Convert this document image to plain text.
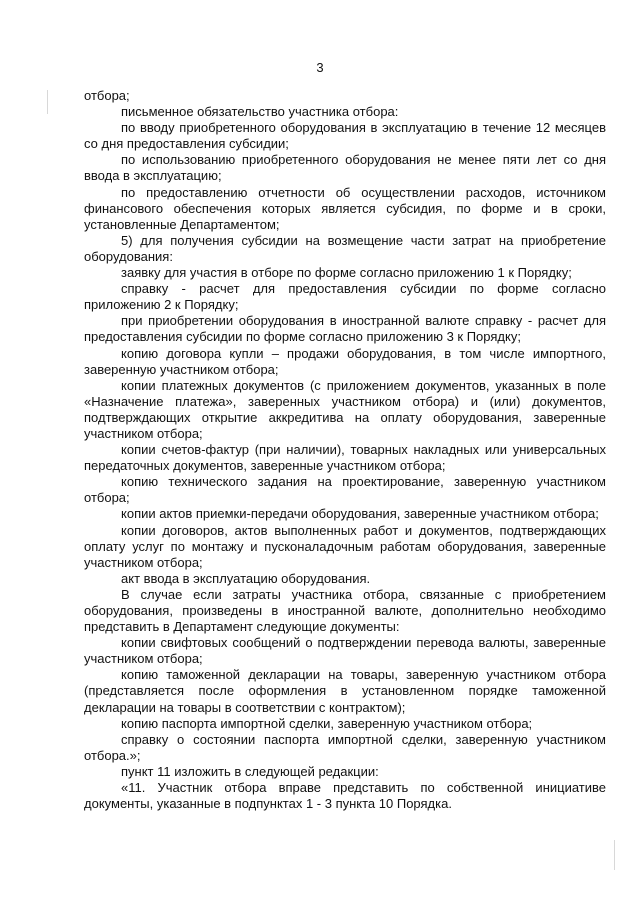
3

отбора;

письменное обязательство участника отбора:

по вводу приобретенного оборудования в эксплуатацию в течение 12 месяцев со дня предоставления субсидии;

по использованию приобретенного оборудования не менее пяти лет со дня ввода в эксплуатацию;

по предоставлению отчетности об осуществлении расходов, источником финансового обеспечения которых является субсидия, по форме и в сроки, установленные Департаментом;

5) для получения субсидии на возмещение части затрат на приобретение оборудования:

заявку для участия в отборе по форме согласно приложению 1 к Порядку;

справку - расчет для предоставления субсидии по форме согласно приложению 2 к Порядку;

при приобретении оборудования в иностранной валюте справку - расчет для предоставления субсидии по форме согласно приложению 3 к Порядку;

копию договора купли – продажи оборудования, в том числе импортного, заверенную участником отбора;

копии платежных документов (с приложением документов, указанных в поле «Назначение платежа», заверенных участником отбора) и (или) документов, подтверждающих открытие аккредитива на оплату оборудования, заверенные участником отбора;

копии счетов-фактур (при наличии), товарных накладных или универсальных передаточных документов, заверенные участником отбора;

копию технического задания на проектирование, заверенную участником отбора;

копии актов приемки-передачи оборудования, заверенные участником отбора;

копии договоров, актов выполненных работ и документов, подтверждающих оплату услуг по монтажу и пусконаладочным работам оборудования, заверенные участником отбора;

акт ввода в эксплуатацию оборудования.

В случае если затраты участника отбора, связанные с приобретением оборудования, произведены в иностранной валюте, дополнительно необходимо представить в Департамент следующие документы:

копии свифтовых сообщений о подтверждении перевода валюты, заверенные участником отбора;

копию таможенной декларации на товары, заверенную участником отбора (представляется после оформления в установленном порядке таможенной декларации на товары в соответствии с контрактом);

копию паспорта импортной сделки, заверенную участником отбора;

справку о состоянии паспорта импортной сделки, заверенную участником отбора.»;

пункт 11 изложить в следующей редакции:

«11. Участник отбора вправе представить по собственной инициативе документы, указанные в подпунктах 1 - 3 пункта 10 Порядка.
